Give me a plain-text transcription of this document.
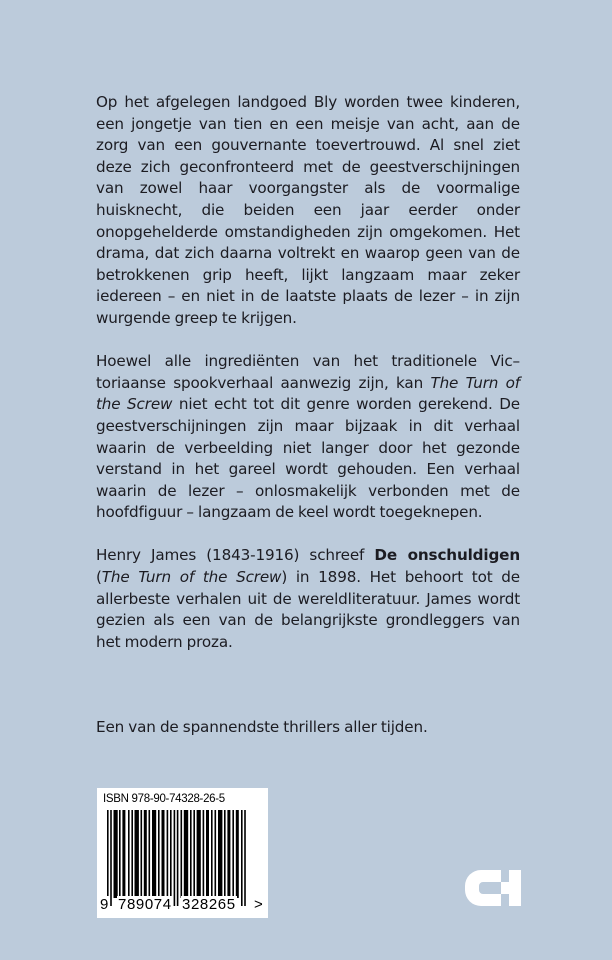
Op het afgelegen landgoed Bly worden twee kinderen, een jongetje van tien en een meisje van acht, aan de zorg van een gouvernante toevertrouwd. Al snel ziet deze zich geconfronteerd met de geestverschijningen van zowel haar voorgangster als de voormalige huisknecht, die beiden een jaar eerder onder onopgehelderde omstandigheden zijn omgekomen. Het drama, dat zich daarna voltrekt en waarop geen van de betrokkenen grip heeft, lijkt langzaam maar zeker iedereen – en niet in de laatste plaats de lezer – in zijn wurgende greep te krijgen.

Hoewel alle ingrediënten van het traditionele Vic–toriaanse spookverhaal aanwezig zijn, kan The Turn of the Screw niet echt tot dit genre worden gerekend. De geestverschijningen zijn maar bijzaak in dit verhaal waarin de verbeelding niet langer door het gezonde verstand in het gareel wordt gehouden. Een verhaal waarin de lezer – onlosmakelijk verbonden met de hoofdfiguur – langzaam de keel wordt toegeknepen.

Henry James (1843-1916) schreef De onschuldigen (The Turn of the Screw) in 1898. Het behoort tot de allerbeste verhalen uit de wereldliteratuur. James wordt gezien als een van de belangrijkste grondleggers van het modern proza.

Een van de spannendste thrillers aller tijden.

ISBN 978-90-74328-26-5
9 789074 328265 >
